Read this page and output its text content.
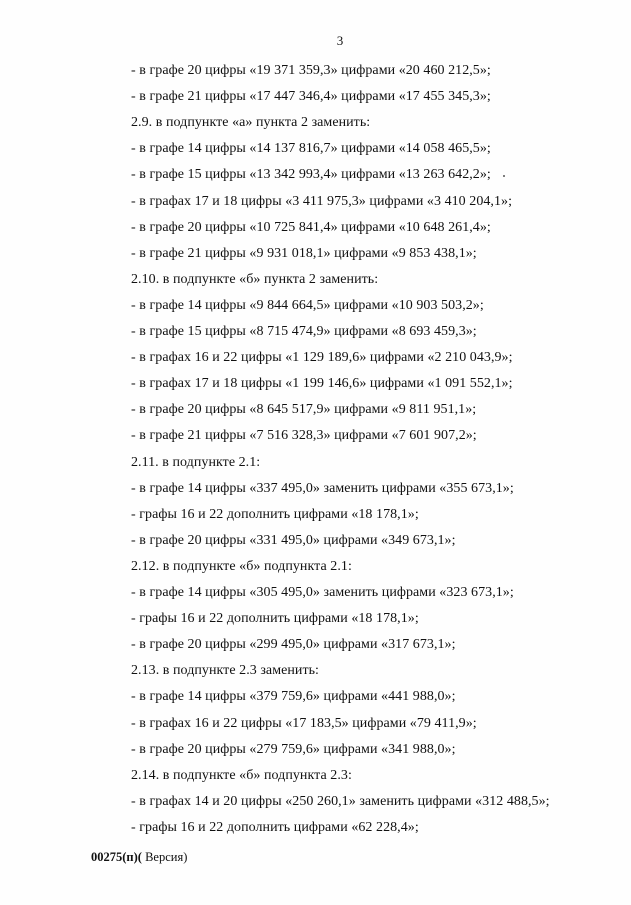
3
- в графе 20 цифры «19 371 359,3» цифрами «20 460 212,5»;
- в графе 21 цифры «17 447 346,4» цифрами «17 455 345,3»;
2.9. в подпункте «а» пункта 2 заменить:
- в графе 14 цифры «14 137 816,7» цифрами «14 058 465,5»;
- в графе 15 цифры «13 342 993,4» цифрами «13 263 642,2»;
- в графах 17 и 18 цифры «3 411 975,3» цифрами «3 410 204,1»;
- в графе 20 цифры «10 725 841,4» цифрами «10 648 261,4»;
- в графе 21 цифры «9 931 018,1» цифрами «9 853 438,1»;
2.10. в подпункте «б» пункта 2 заменить:
- в графе 14 цифры «9 844 664,5» цифрами «10 903 503,2»;
- в графе 15 цифры «8 715 474,9» цифрами «8 693 459,3»;
- в графах 16 и 22 цифры «1 129 189,6» цифрами «2 210 043,9»;
- в графах 17 и 18 цифры «1 199 146,6» цифрами «1 091 552,1»;
- в графе 20 цифры «8 645 517,9» цифрами «9 811 951,1»;
- в графе 21 цифры «7 516 328,3» цифрами «7 601 907,2»;
2.11. в подпункте 2.1:
- в графе 14 цифры «337 495,0» заменить цифрами «355 673,1»;
- графы 16 и 22 дополнить цифрами «18 178,1»;
- в графе 20 цифры «331 495,0» цифрами «349 673,1»;
2.12. в подпункте «б» подпункта 2.1:
- в графе 14 цифры «305 495,0» заменить цифрами «323 673,1»;
- графы 16 и 22 дополнить цифрами «18 178,1»;
- в графе 20 цифры «299 495,0» цифрами «317 673,1»;
2.13. в подпункте 2.3 заменить:
- в графе 14 цифры «379 759,6» цифрами «441 988,0»;
- в графах 16 и 22 цифры «17 183,5» цифрами «79 411,9»;
- в графе 20 цифры «279 759,6» цифрами «341 988,0»;
2.14. в подпункте «б» подпункта 2.3:
- в графах 14 и 20 цифры «250 260,1» заменить цифрами «312 488,5»;
- графы 16 и 22 дополнить цифрами «62 228,4»;
00275(п)( Версия)
